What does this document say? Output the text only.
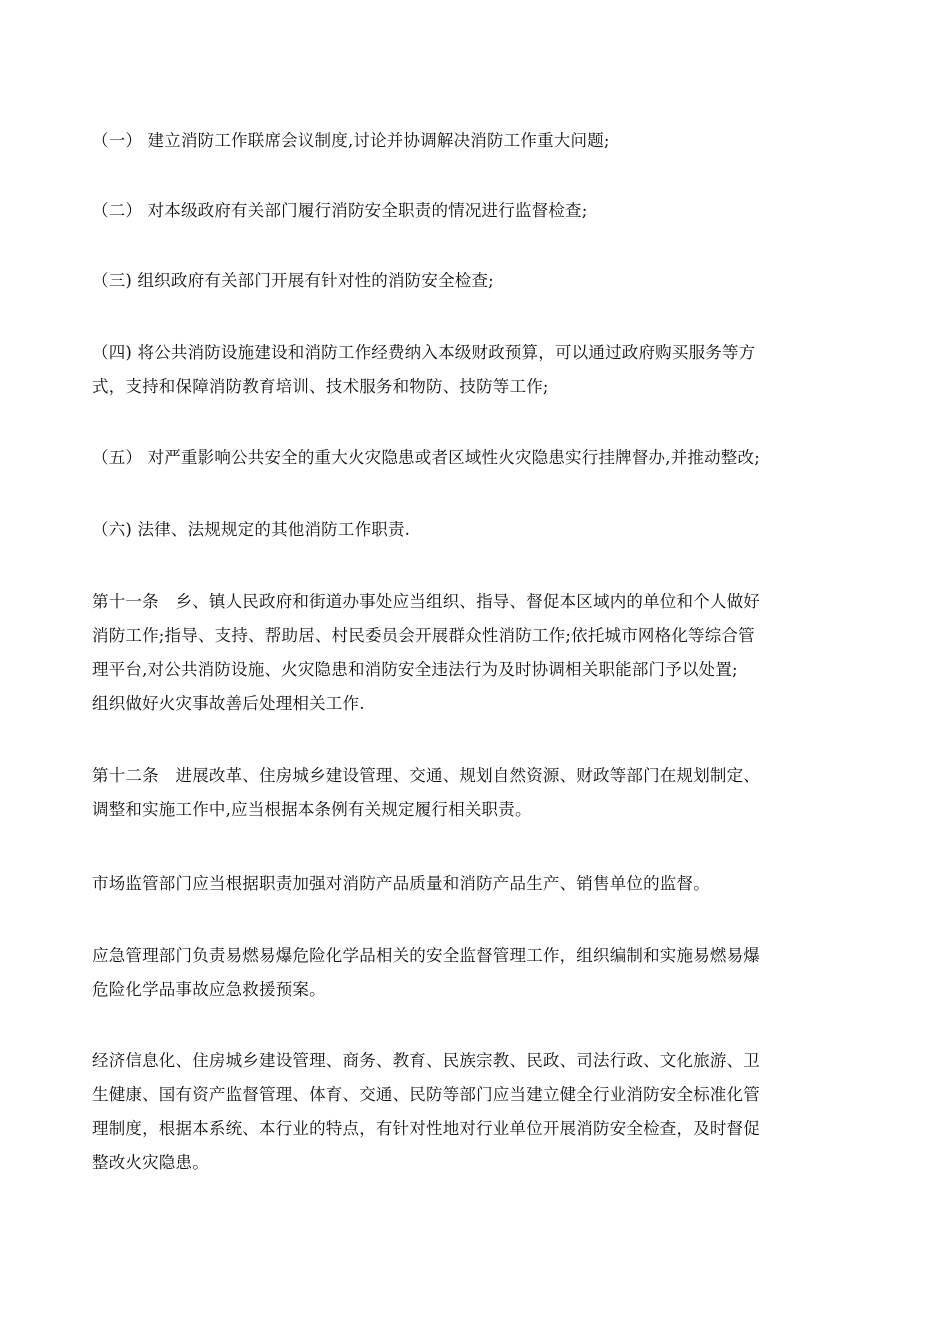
（一） 建立消防工作联席会议制度,讨论并协调解决消防工作重大问题;

（二） 对本级政府有关部门履行消防安全职责的情况进行监督检查;

（三) 组织政府有关部门开展有针对性的消防安全检查;

（四) 将公共消防设施建设和消防工作经费纳入本级财政预算，可以通过政府购买服务等方
式，支持和保障消防教育培训、技术服务和物防、技防等工作;

（五） 对严重影响公共安全的重大火灾隐患或者区域性火灾隐患实行挂牌督办,并推动整改;

（六) 法律、法规规定的其他消防工作职责.

第十一条　乡、镇人民政府和街道办事处应当组织、指导、督促本区域内的单位和个人做好
消防工作;指导、支持、帮助居、村民委员会开展群众性消防工作;依托城市网格化等综合管
理平台,对公共消防设施、火灾隐患和消防安全违法行为及时协调相关职能部门予以处置;
组织做好火灾事故善后处理相关工作.

第十二条　进展改革、住房城乡建设管理、交通、规划自然资源、财政等部门在规划制定、
调整和实施工作中,应当根据本条例有关规定履行相关职责。

市场监管部门应当根据职责加强对消防产品质量和消防产品生产、销售单位的监督。

应急管理部门负责易燃易爆危险化学品相关的安全监督管理工作，组织编制和实施易燃易爆
危险化学品事故应急救援预案。

经济信息化、住房城乡建设管理、商务、教育、民族宗教、民政、司法行政、文化旅游、卫
生健康、国有资产监督管理、体育、交通、民防等部门应当建立健全行业消防安全标准化管
理制度，根据本系统、本行业的特点，有针对性地对行业单位开展消防安全检查，及时督促
整改火灾隐患。
